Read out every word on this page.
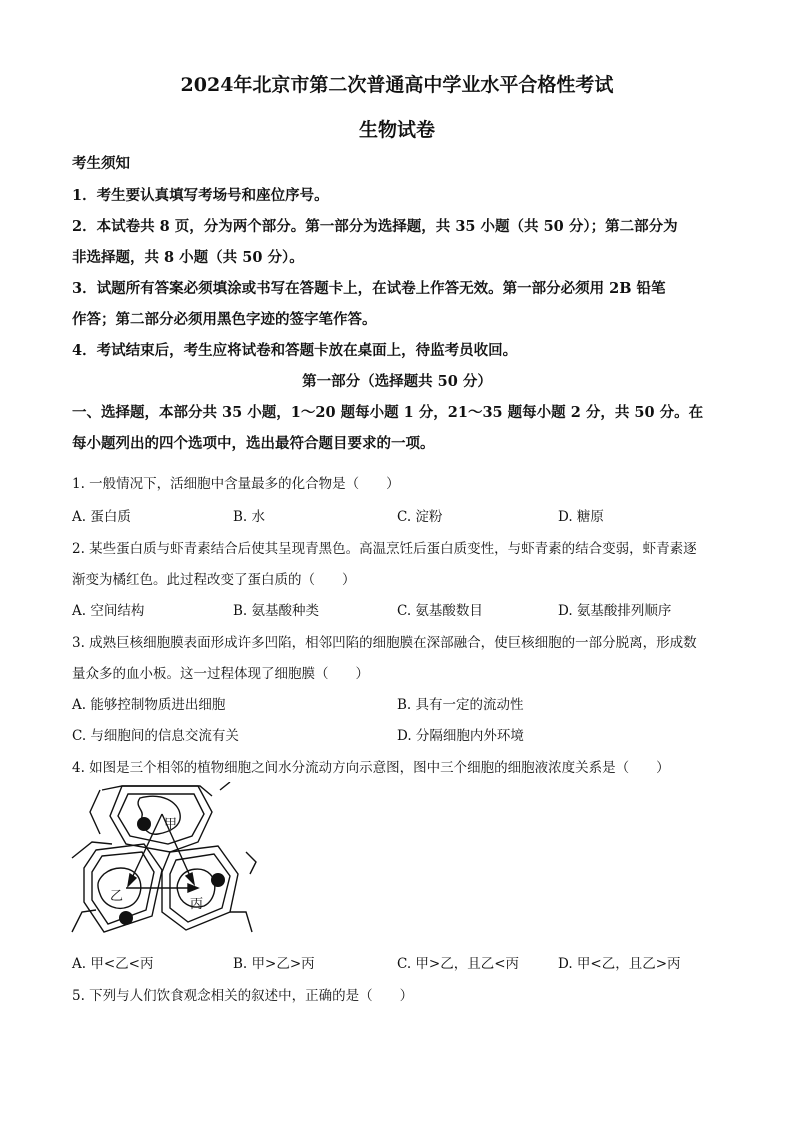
2024年北京市第二次普通高中学业水平合格性考试
生物试卷
考生须知
1．考生要认真填写考场号和座位序号。
2．本试卷共 8 页，分为两个部分。第一部分为选择题，共 35 小题（共 50 分）；第二部分为
非选择题，共 8 小题（共 50 分）。
3．试题所有答案必须填涂或书写在答题卡上，在试卷上作答无效。第一部分必须用 2B 铅笔
作答；第二部分必须用黑色字迹的签字笔作答。
4．考试结束后，考生应将试卷和答题卡放在桌面上，待监考员收回。
第一部分（选择题共 50 分）
一、选择题，本部分共 35 小题，1～20 题每小题 1 分，21～35 题每小题 2 分，共 50 分。在
每小题列出的四个选项中，选出最符合题目要求的一项。
1. 一般情况下，活细胞中含量最多的化合物是（　　）
A. 蛋白质	B. 水	C. 淀粉	D. 糖原
2. 某些蛋白质与虾青素结合后使其呈现青黑色。高温烹饪后蛋白质变性，与虾青素的结合变弱，虾青素逐
渐变为橘红色。此过程改变了蛋白质的（　　）
A. 空间结构	B. 氨基酸种类	C. 氨基酸数目	D. 氨基酸排列顺序
3. 成熟巨核细胞膜表面形成许多凹陷，相邻凹陷的细胞膜在深部融合，使巨核细胞的一部分脱离，形成数
量众多的血小板。这一过程体现了细胞膜（　　）
A. 能够控制物质进出细胞	B. 具有一定的流动性
C. 与细胞间的信息交流有关	D. 分隔细胞内外环境
4. 如图是三个相邻的植物细胞之间水分流动方向示意图，图中三个细胞的细胞液浓度关系是（　　）
甲
乙
丙
A. 甲<乙<丙	B. 甲>乙>丙	C. 甲>乙，且乙<丙	D. 甲<乙，且乙>丙
5. 下列与人们饮食观念相关的叙述中，正确的是（　　）
